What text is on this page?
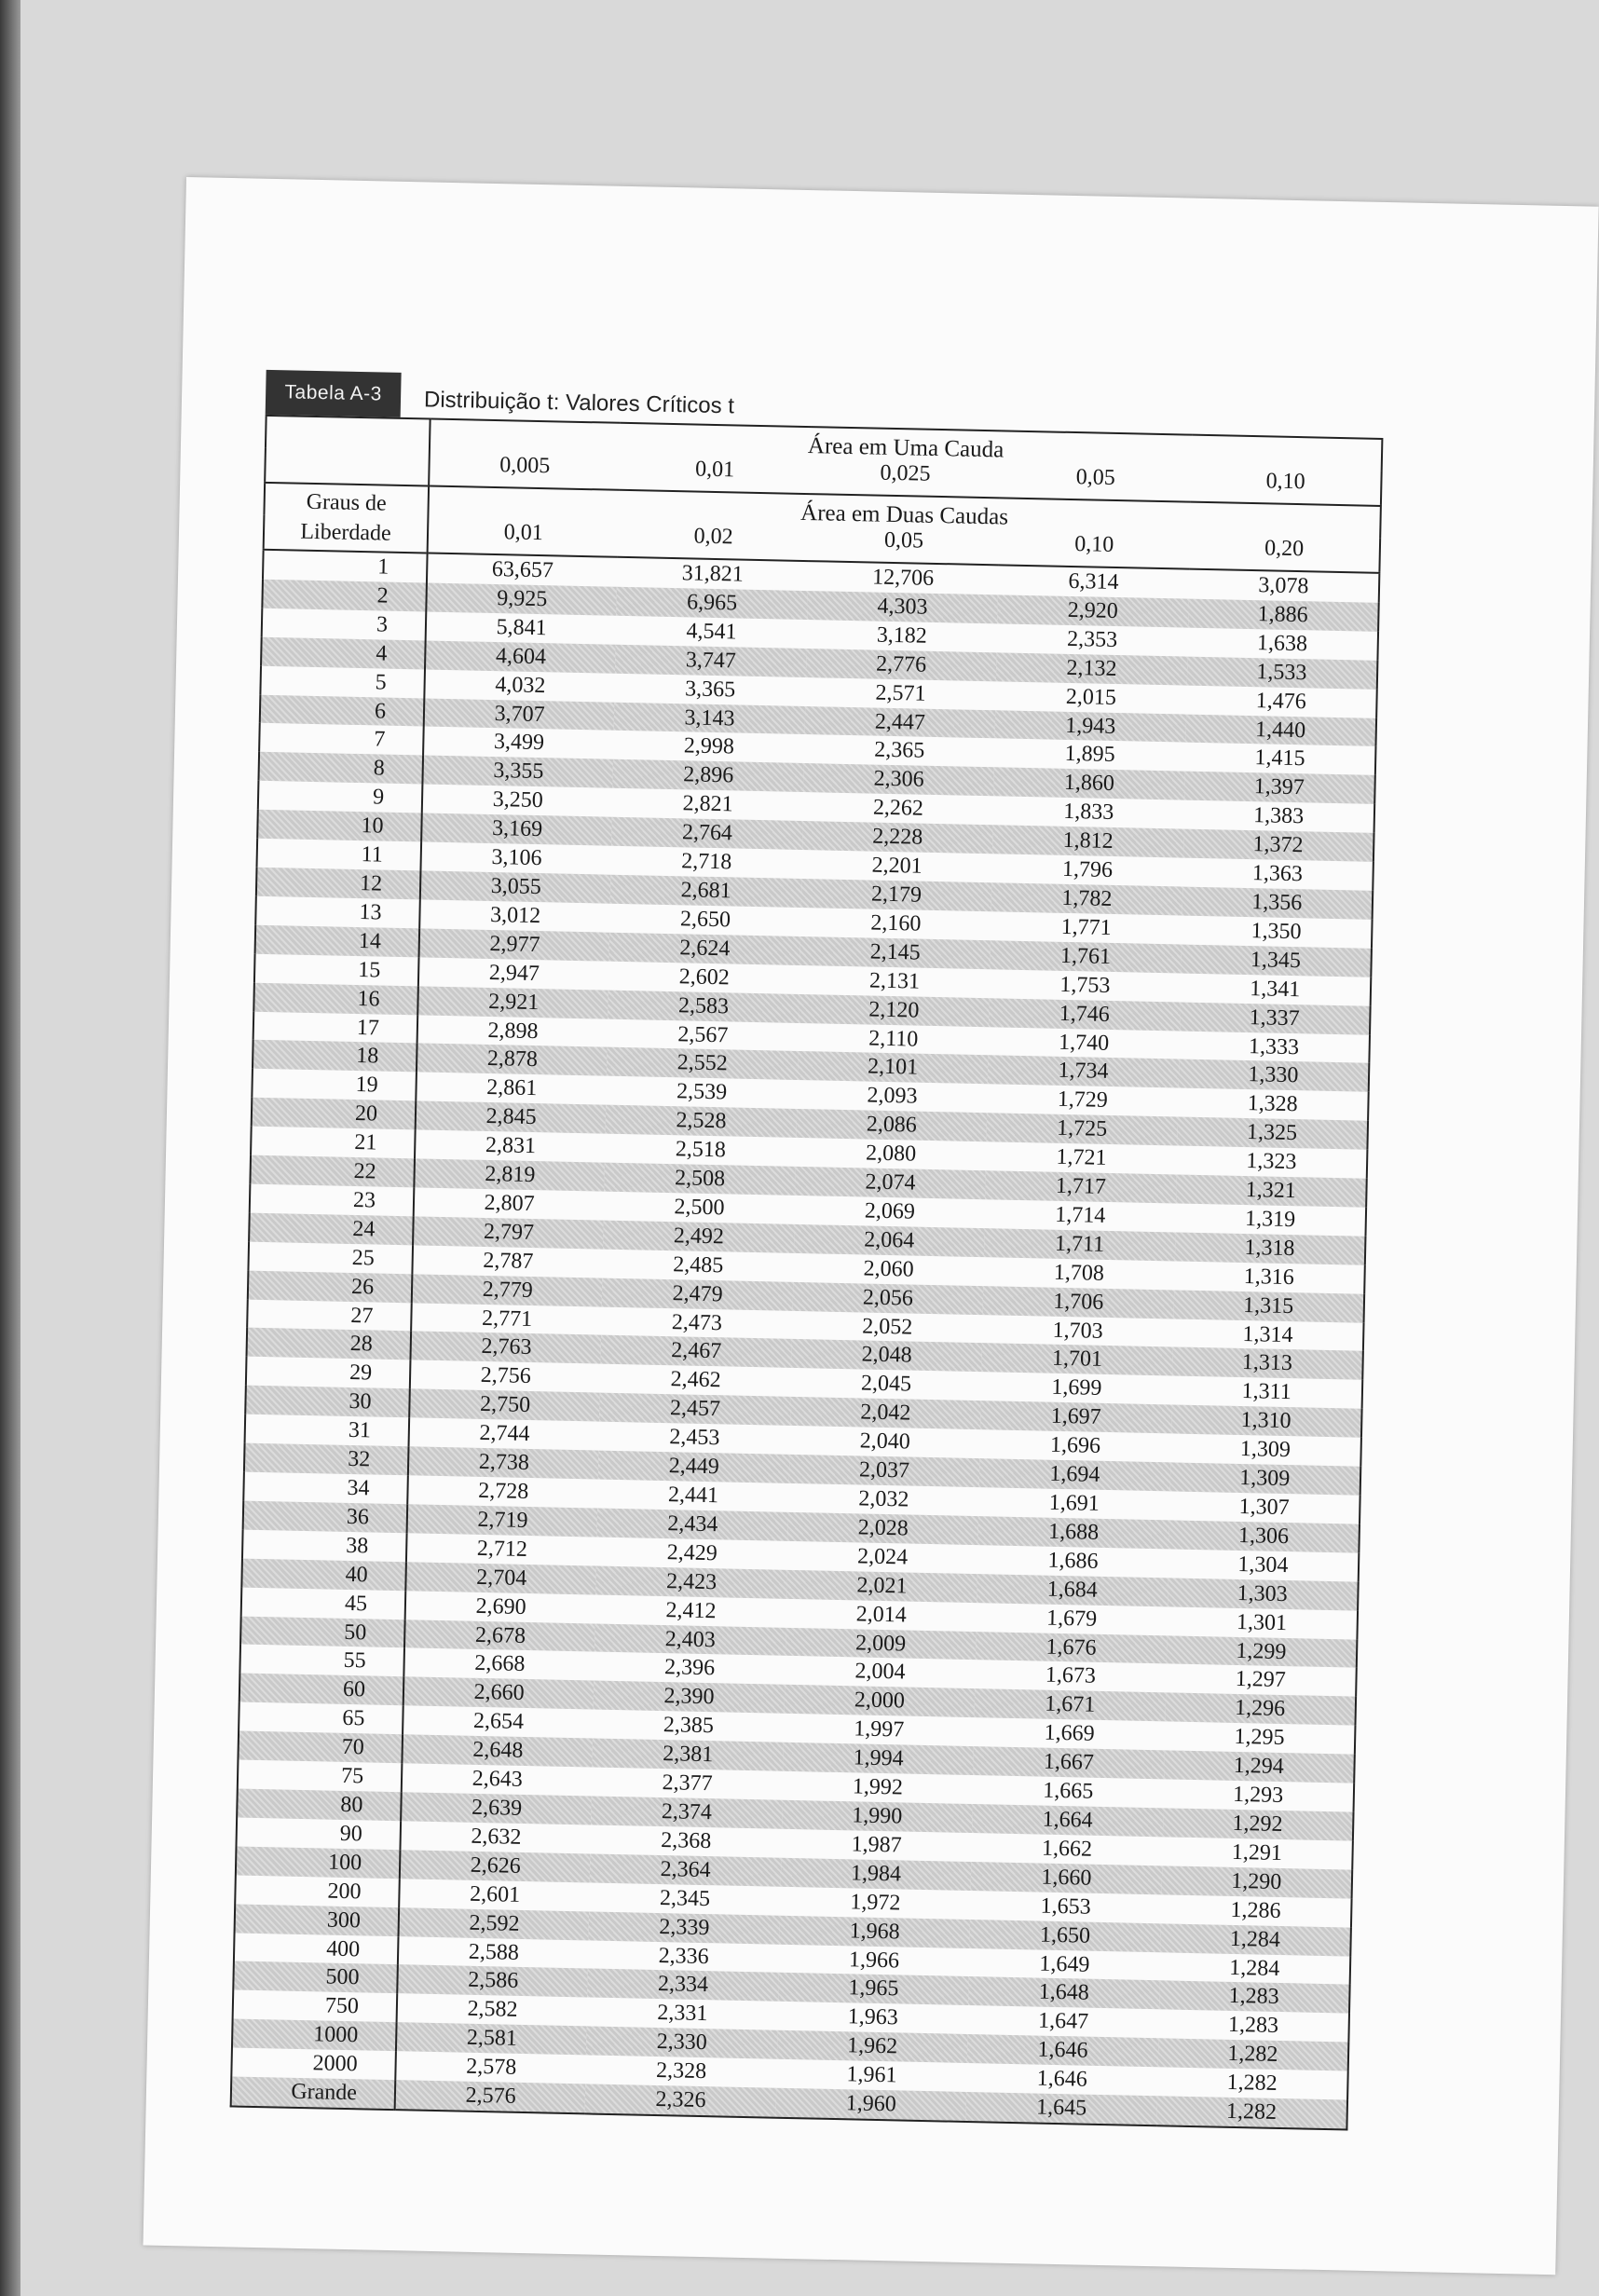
Tabela A-3	Distribuição t: Valores Críticos t
	Área em Uma Cauda				
	0,005	0,01	0,025	0,05	0,10
Graus de
Liberdade	Área em Duas Caudas				
	0,01	0,02	0,05	0,10	0,20
1	63,657	31,821	12,706	6,314	3,078
2	9,925	6,965	4,303	2,920	1,886
3	5,841	4,541	3,182	2,353	1,638
4	4,604	3,747	2,776	2,132	1,533
5	4,032	3,365	2,571	2,015	1,476
6	3,707	3,143	2,447	1,943	1,440
7	3,499	2,998	2,365	1,895	1,415
8	3,355	2,896	2,306	1,860	1,397
9	3,250	2,821	2,262	1,833	1,383
10	3,169	2,764	2,228	1,812	1,372
11	3,106	2,718	2,201	1,796	1,363
12	3,055	2,681	2,179	1,782	1,356
13	3,012	2,650	2,160	1,771	1,350
14	2,977	2,624	2,145	1,761	1,345
15	2,947	2,602	2,131	1,753	1,341
16	2,921	2,583	2,120	1,746	1,337
17	2,898	2,567	2,110	1,740	1,333
18	2,878	2,552	2,101	1,734	1,330
19	2,861	2,539	2,093	1,729	1,328
20	2,845	2,528	2,086	1,725	1,325
21	2,831	2,518	2,080	1,721	1,323
22	2,819	2,508	2,074	1,717	1,321
23	2,807	2,500	2,069	1,714	1,319
24	2,797	2,492	2,064	1,711	1,318
25	2,787	2,485	2,060	1,708	1,316
26	2,779	2,479	2,056	1,706	1,315
27	2,771	2,473	2,052	1,703	1,314
28	2,763	2,467	2,048	1,701	1,313
29	2,756	2,462	2,045	1,699	1,311
30	2,750	2,457	2,042	1,697	1,310
31	2,744	2,453	2,040	1,696	1,309
32	2,738	2,449	2,037	1,694	1,309
34	2,728	2,441	2,032	1,691	1,307
36	2,719	2,434	2,028	1,688	1,306
38	2,712	2,429	2,024	1,686	1,304
40	2,704	2,423	2,021	1,684	1,303
45	2,690	2,412	2,014	1,679	1,301
50	2,678	2,403	2,009	1,676	1,299
55	2,668	2,396	2,004	1,673	1,297
60	2,660	2,390	2,000	1,671	1,296
65	2,654	2,385	1,997	1,669	1,295
70	2,648	2,381	1,994	1,667	1,294
75	2,643	2,377	1,992	1,665	1,293
80	2,639	2,374	1,990	1,664	1,292
90	2,632	2,368	1,987	1,662	1,291
100	2,626	2,364	1,984	1,660	1,290
200	2,601	2,345	1,972	1,653	1,286
300	2,592	2,339	1,968	1,650	1,284
400	2,588	2,336	1,966	1,649	1,284
500	2,586	2,334	1,965	1,648	1,283
750	2,582	2,331	1,963	1,647	1,283
1000	2,581	2,330	1,962	1,646	1,282
2000	2,578	2,328	1,961	1,646	1,282
Grande	2,576	2,326	1,960	1,645	1,282
